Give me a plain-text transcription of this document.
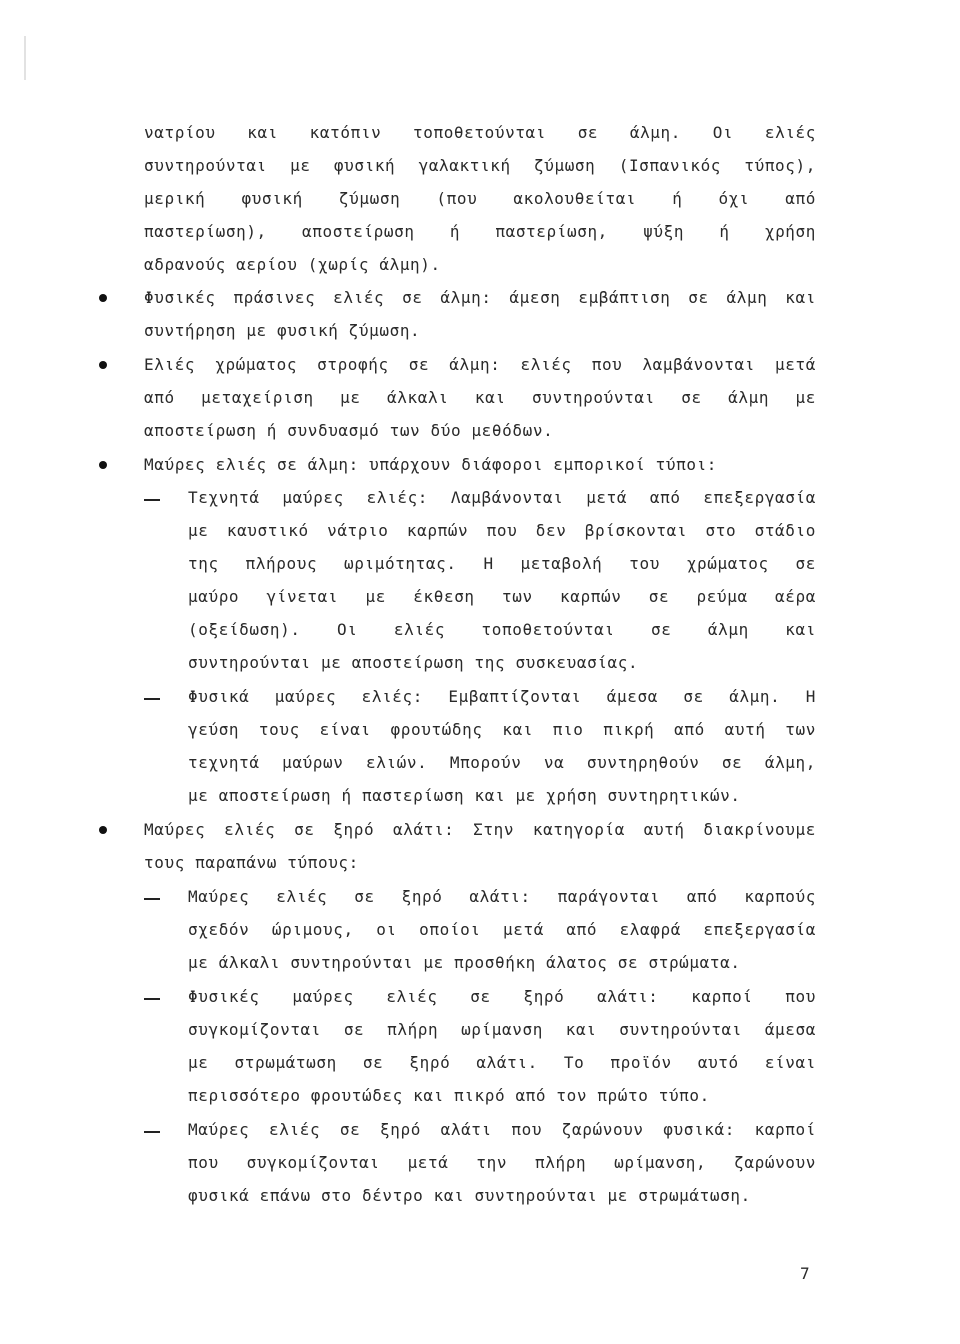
νατρίου και κατόπιν τοποθετούνται σε άλμη. Οι ελιές
συντηρούνται με φυσική γαλακτική ζύμωση (Ισπανικός τύπος),
μερική φυσική ζύμωση (που ακολουθείται ή όχι από
παστερίωση), αποστείρωση ή παστερίωση, ψύξη ή χρήση
αδρανούς αερίου (χωρίς άλμη).
Φυσικές πράσινες ελιές σε άλμη: άμεση εμβάπτιση σε άλμη και
συντήρηση με φυσική ζύμωση.
Ελιές χρώματος στροφής σε άλμη: ελιές που λαμβάνονται μετά
από μεταχείριση με άλκαλι και συντηρούνται σε άλμη με
αποστείρωση ή συνδυασμό των δύο μεθόδων.
Μαύρες ελιές σε άλμη: υπάρχουν διάφοροι εμπορικοί τύποι:
Τεχνητά μαύρες ελιές: Λαμβάνονται μετά από επεξεργασία
με καυστικό νάτριο καρπών που δεν βρίσκονται στο στάδιο
της πλήρους ωριμότητας. Η μεταβολή του χρώματος σε
μαύρο γίνεται με έκθεση των καρπών σε ρεύμα αέρα
(οξείδωση). Οι ελιές τοποθετούνται σε άλμη και
συντηρούνται με αποστείρωση της συσκευασίας.
Φυσικά μαύρες ελιές: Εμβαπτίζονται άμεσα σε άλμη. Η
γεύση τους είναι φρουτώδης και πιο πικρή από αυτή των
τεχνητά μαύρων ελιών. Μπορούν να συντηρηθούν σε άλμη,
με αποστείρωση ή παστερίωση και με χρήση συντηρητικών.
Μαύρες ελιές σε ξηρό αλάτι: Στην κατηγορία αυτή διακρίνουμε
τους παραπάνω τύπους:
Μαύρες ελιές σε ξηρό αλάτι: παράγονται από καρπούς
σχεδόν ώριμους, οι οποίοι μετά από ελαφρά επεξεργασία
με άλκαλι συντηρούνται με προσθήκη άλατος σε στρώματα.
Φυσικές μαύρες ελιές σε ξηρό αλάτι: καρποί που
συγκομίζονται σε πλήρη ωρίμανση και συντηρούνται άμεσα
με στρωμάτωση σε ξηρό αλάτι. Το προϊόν αυτό είναι
περισσότερο φρουτώδες και πικρό από τον πρώτο τύπο.
Μαύρες ελιές σε ξηρό αλάτι που ζαρώνουν φυσικά: καρποί
που συγκομίζονται μετά την πλήρη ωρίμανση, ζαρώνουν
φυσικά επάνω στο δέντρο και συντηρούνται με στρωμάτωση.
7
